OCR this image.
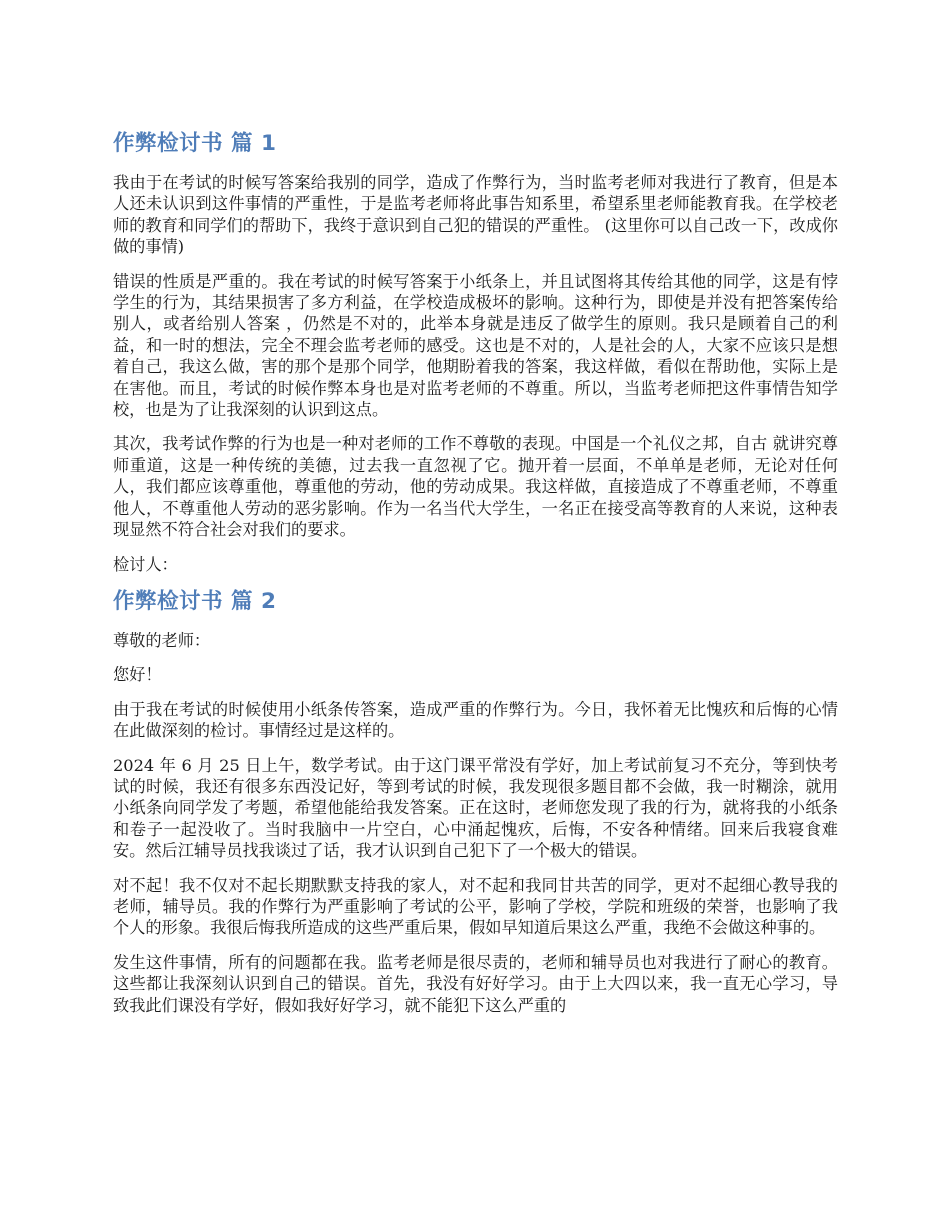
作弊检讨书 篇 1

我由于在考试的时候写答案给我别的同学，造成了作弊行为，当时监考老师对我进行了教育，但是本人还未认识到这件事情的严重性，于是监考老师将此事告知系里，希望系里老师能教育我。在学校老师的教育和同学们的帮助下，我终于意识到自己犯的错误的严重性。 (这里你可以自己改一下，改成你做的事情)

错误的性质是严重的。我在考试的时候写答案于小纸条上，并且试图将其传给其他的同学，这是有悖学生的行为，其结果损害了多方利益，在学校造成极坏的影响。这种行为，即使是并没有把答案传给别人，或者给别人答案 ，仍然是不对的，此举本身就是违反了做学生的原则。我只是顾着自己的利益，和一时的想法，完全不理会监考老师的感受。这也是不对的，人是社会的人，大家不应该只是想着自己，我这么做，害的那个是那个同学，他期盼着我的答案，我这样做，看似在帮助他，实际上是在害他。而且，考试的时候作弊本身也是对监考老师的不尊重。所以，当监考老师把这件事情告知学校，也是为了让我深刻的认识到这点。

其次，我考试作弊的行为也是一种对老师的工作不尊敬的表现。中国是一个礼仪之邦，自古 就讲究尊师重道，这是一种传统的美德，过去我一直忽视了它。抛开着一层面，不单单是老师，无论对任何人，我们都应该尊重他，尊重他的劳动，他的劳动成果。我这样做，直接造成了不尊重老师，不尊重他人，不尊重他人劳动的恶劣影响。作为一名当代大学生，一名正在接受高等教育的人来说，这种表现显然不符合社会对我们的要求。

检讨人：

作弊检讨书 篇 2

尊敬的老师：

您好！

由于我在考试的时候使用小纸条传答案，造成严重的作弊行为。今日，我怀着无比愧疚和后悔的心情在此做深刻的检讨。事情经过是这样的。

2024 年 6 月 25 日上午，数学考试。由于这门课平常没有学好，加上考试前复习不充分，等到快考试的时候，我还有很多东西没记好，等到考试的时候，我发现很多题目都不会做，我一时糊涂，就用小纸条向同学发了考题，希望他能给我发答案。正在这时，老师您发现了我的行为，就将我的小纸条和卷子一起没收了。当时我脑中一片空白，心中涌起愧疚，后悔，不安各种情绪。回来后我寝食难安。然后江辅导员找我谈过了话，我才认识到自己犯下了一个极大的错误。

对不起！我不仅对不起长期默默支持我的家人，对不起和我同甘共苦的同学，更对不起细心教导我的老师，辅导员。我的作弊行为严重影响了考试的公平，影响了学校，学院和班级的荣誉，也影响了我个人的形象。我很后悔我所造成的这些严重后果，假如早知道后果这么严重，我绝不会做这种事的。

发生这件事情，所有的问题都在我。监考老师是很尽责的，老师和辅导员也对我进行了耐心的教育。这些都让我深刻认识到自己的错误。首先，我没有好好学习。由于上大四以来，我一直无心学习，导致我此们课没有学好，假如我好好学习，就不能犯下这么严重的
